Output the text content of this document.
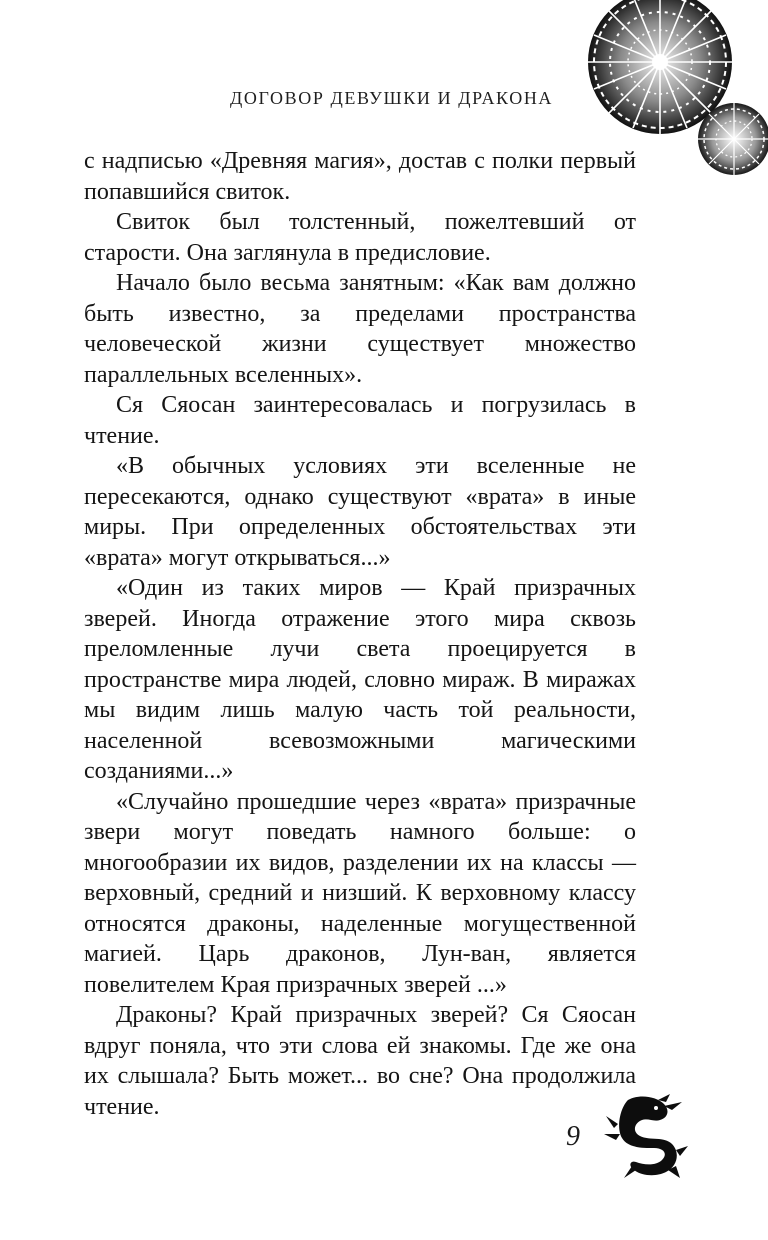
ДОГОВОР ДЕВУШКИ И ДРАКОНА

с надписью «Древняя магия», достав с полки первый попавшийся свиток.

Свиток был толстенный, пожелтевший от старости. Она заглянула в предисловие.

Начало было весьма занятным: «Как вам должно быть известно, за пределами пространства человеческой жизни существует множество параллельных вселенных».

Ся Сяосан заинтересовалась и погрузилась в чтение.

«В обычных условиях эти вселенные не пересекаются, однако существуют «врата» в иные миры. При определенных обстоятельствах эти «врата» могут открываться...»

«Один из таких миров — Край призрачных зверей. Иногда отражение этого мира сквозь преломленные лучи света проецируется в пространстве мира людей, словно мираж. В миражах мы видим лишь малую часть той реальности, населенной всевозможными магическими созданиями...»

«Случайно прошедшие через «врата» призрачные звери могут поведать намного больше: о многообразии их видов, разделении их на классы — верховный, средний и низший. К верховному классу относятся драконы, наделенные могущественной магией. Царь драконов, Лун-ван, является повелителем Края призрачных зверей ...»

Драконы? Край призрачных зверей? Ся Сяосан вдруг поняла, что эти слова ей знакомы. Где же она их слышала? Быть может... во сне? Она продолжила чтение.

9
